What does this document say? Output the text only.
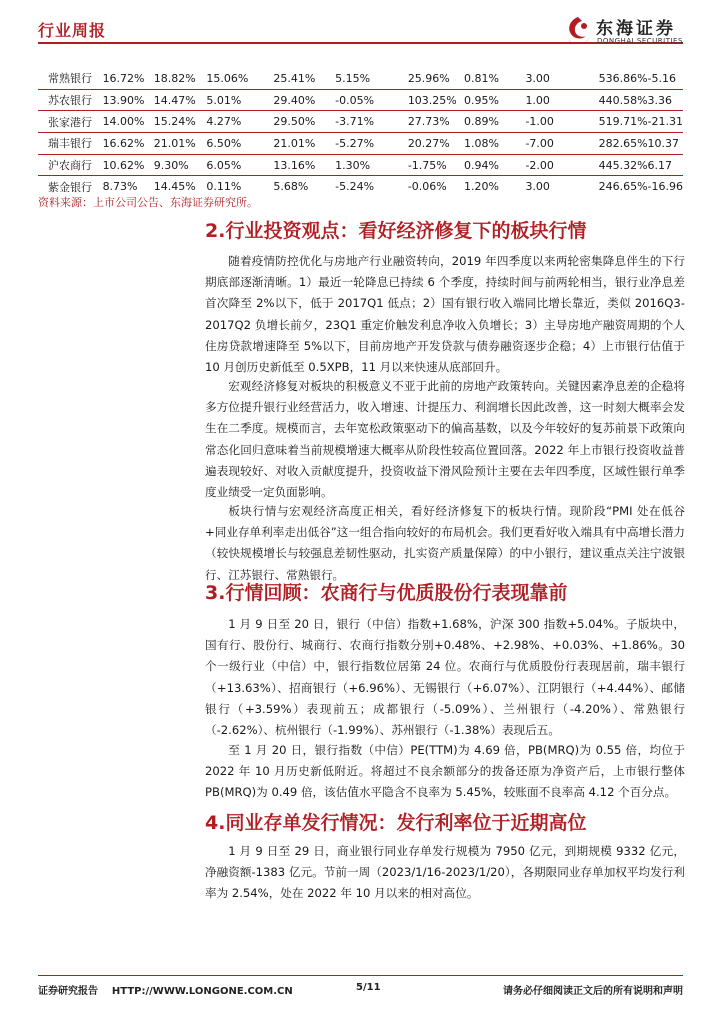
行业周报	东海证券
DONGHAI SECURITIES
常熟银行	16.72%	18.82%	15.06%	25.41%	5.15%	25.96%	0.81%	3.00	536.86%	-5.16
苏农银行	13.90%	14.47%	5.01%	29.40%	-0.05%	103.25%	0.95%	1.00	440.58%	3.36
张家港行	14.00%	15.24%	4.27%	29.50%	-3.71%	27.73%	0.89%	-1.00	519.71%	-21.31
瑞丰银行	16.62%	21.01%	6.50%	21.01%	-5.27%	20.27%	1.08%	-7.00	282.65%	10.37
沪农商行	10.62%	9.30%	6.05%	13.16%	1.30%	-1.75%	0.94%	-2.00	445.32%	6.17
紫金银行	8.73%	14.45%	0.11%	5.68%	-5.24%	-0.06%	1.20%	3.00	246.65%	-16.96
资料来源：上市公司公告、东海证券研究所。
2.行业投资观点：看好经济修复下的板块行情

随着疫情防控优化与房地产行业融资转向，2019 年四季度以来两轮密集降息伴生的下行期底部逐渐清晰。1）最近一轮降息已持续 6 个季度，持续时间与前两轮相当，银行业净息差首次降至 2%以下，低于 2017Q1 低点；2）国有银行收入端同比增长靠近，类似 2016Q3-2017Q2 负增长前夕，23Q1 重定价触发利息净收入负增长；3）主导房地产融资周期的个人住房贷款增速降至 5%以下，目前房地产开发贷款与债券融资逐步企稳；4）上市银行估值于 10 月创历史新低至 0.5XPB，11 月以来快速从底部回升。

宏观经济修复对板块的积极意义不亚于此前的房地产政策转向。关键因素净息差的企稳将多方位提升银行业经营活力，收入增速、计提压力、利润增长因此改善，这一时刻大概率会发生在二季度。规模而言，去年宽松政策驱动下的偏高基数，以及今年较好的复苏前景下政策向常态化回归意味着当前规模增速大概率从阶段性较高位置回落。2022 年上市银行投资收益普遍表现较好、对收入贡献度提升，投资收益下滑风险预计主要在去年四季度，区域性银行单季度业绩受一定负面影响。

板块行情与宏观经济高度正相关，看好经济修复下的板块行情。现阶段“PMI 处在低谷+同业存单利率走出低谷”这一组合指向较好的布局机会。我们更看好收入端具有中高增长潜力（较快规模增长与较强息差韧性驱动，扎实资产质量保障）的中小银行，建议重点关注宁波银行、江苏银行、常熟银行。

3.行情回顾：农商行与优质股份行表现靠前

1 月 9 日至 20 日，银行（中信）指数+1.68%，沪深 300 指数+5.04%。子版块中，国有行、股份行、城商行、农商行指数分别+0.48%、+2.98%、+0.03%、+1.86%。30 个一级行业（中信）中，银行指数位居第 24 位。农商行与优质股份行表现居前，瑞丰银行（+13.63%）、招商银行（+6.96%）、无锡银行（+6.07%）、江阴银行（+4.44%）、邮储银行（+3.59%）表现前五；成都银行（-5.09%）、兰州银行（-4.20%）、常熟银行（-2.62%）、杭州银行（-1.99%）、苏州银行（-1.38%）表现后五。

至 1 月 20 日，银行指数（中信）PE(TTM)为 4.69 倍，PB(MRQ)为 0.55 倍，均位于 2022 年 10 月历史新低附近。将超过不良余额部分的拨备还原为净资产后，上市银行整体 PB(MRQ)为 0.49 倍，该估值水平隐含不良率为 5.45%，较账面不良率高 4.12 个百分点。

4.同业存单发行情况：发行利率位于近期高位

1 月 9 日至 29 日，商业银行同业存单发行规模为 7950 亿元，到期规模 9332 亿元，净融资额-1383 亿元。节前一周（2023/1/16-2023/1/20），各期限同业存单加权平均发行利率为 2.54%，处在 2022 年 10 月以来的相对高位。

证券研究报告    HTTP://WWW.LONGONE.COM.CN	5/11	请务必仔细阅读正文后的所有说明和声明
